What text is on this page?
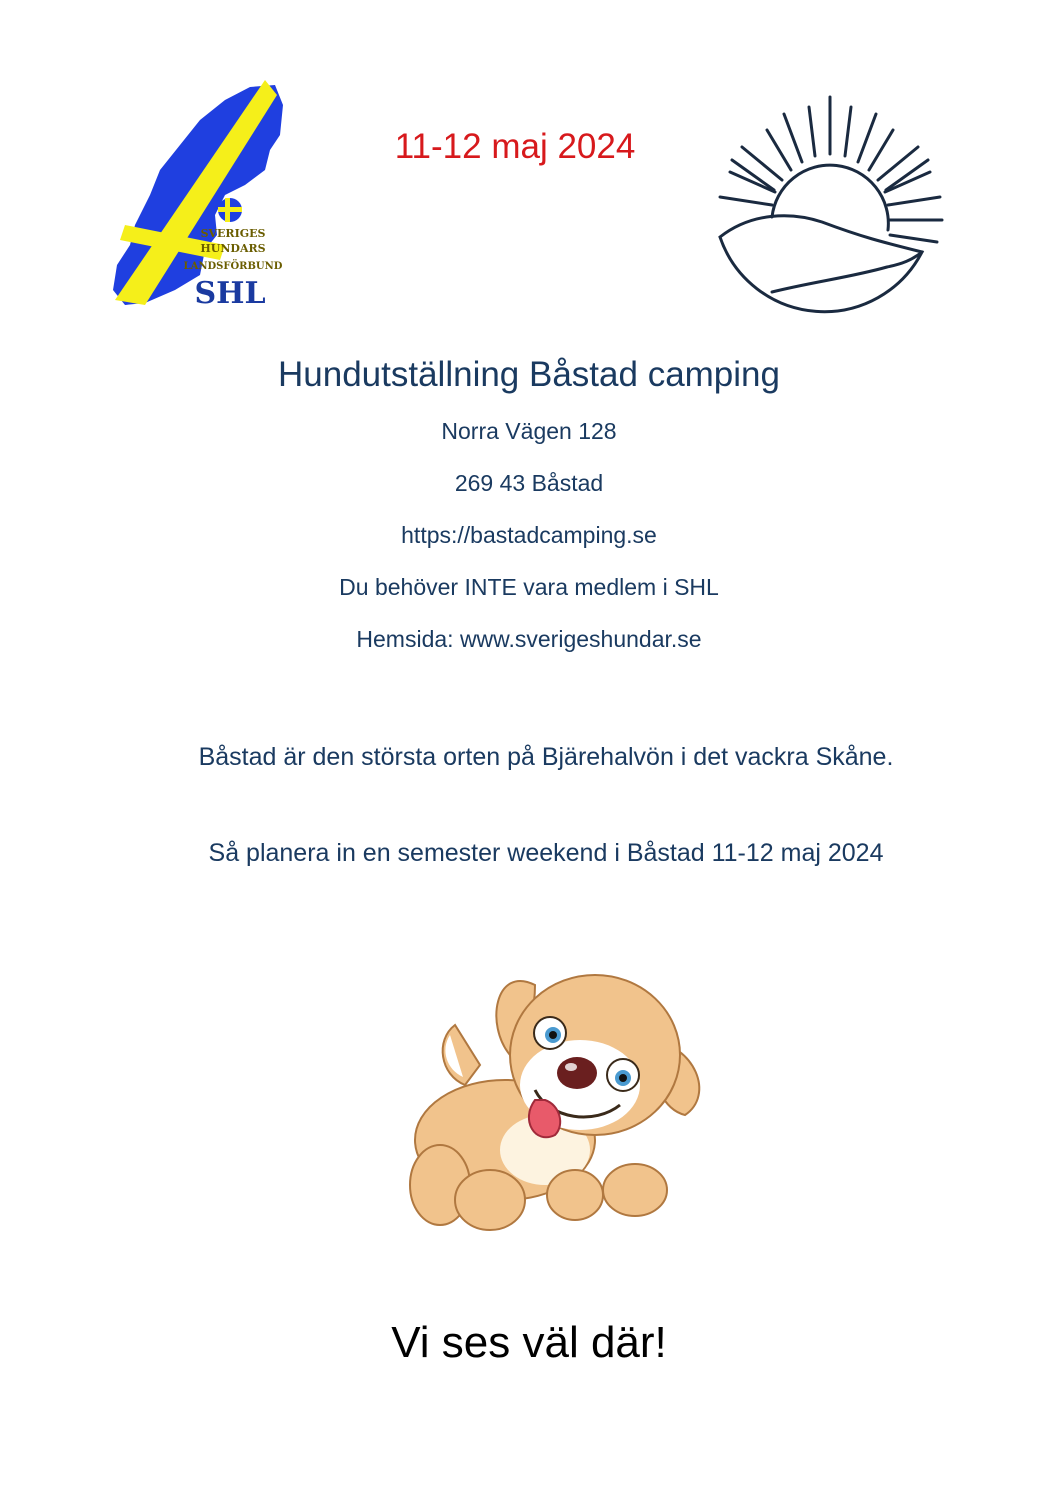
SVERIGES
HUNDARS
LANDSFÖRBUND
SHL
11-12 maj 2024
Hundutställning Båstad camping
Norra Vägen 128
269 43 Båstad
https://bastadcamping.se
Du behöver INTE vara medlem i SHL
Hemsida: www.sverigeshundar.se
Båstad är den största orten på Bjärehalvön i det vackra Skåne.
Så planera in en semester weekend i Båstad 11-12 maj 2024
Vi ses väl där!
